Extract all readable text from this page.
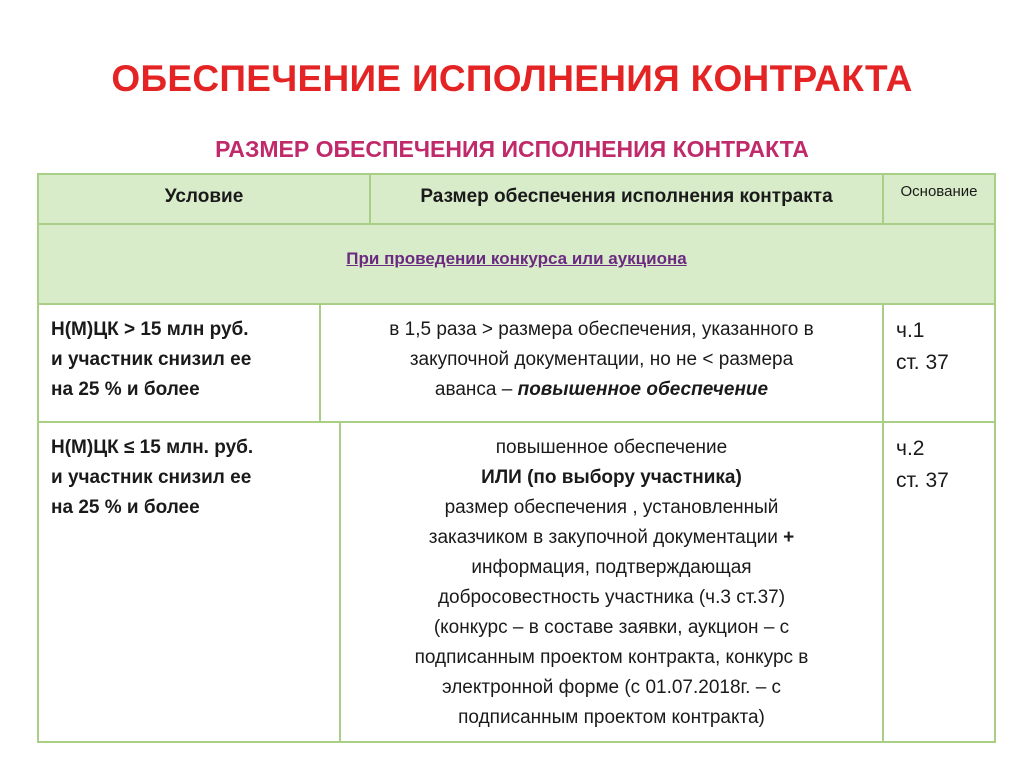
ОБЕСПЕЧЕНИЕ ИСПОЛНЕНИЯ КОНТРАКТА
РАЗМЕР ОБЕСПЕЧЕНИЯ ИСПОЛНЕНИЯ КОНТРАКТА
Условие	Размер обеспечения исполнения контракта	Основание
При проведении конкурса или аукциона
Н(М)ЦК > 15 млн руб.
и участник снизил ее
на 25 % и более
в 1,5 раза > размера обеспечения, указанного в
закупочной документации, но не < размера
аванса – повышенное обеспечение
ч.1
ст. 37
Н(М)ЦК ≤ 15 млн. руб.
и участник снизил ее
на 25 % и более
повышенное обеспечение
ИЛИ (по выбору участника)
размер обеспечения , установленный
заказчиком в закупочной документации +
информация, подтверждающая
добросовестность участника (ч.3 ст.37)
(конкурс – в составе заявки, аукцион – с
подписанным проектом контракта, конкурс в
электронной форме (с 01.07.2018г. – с
подписанным проектом контракта)
ч.2
ст. 37
